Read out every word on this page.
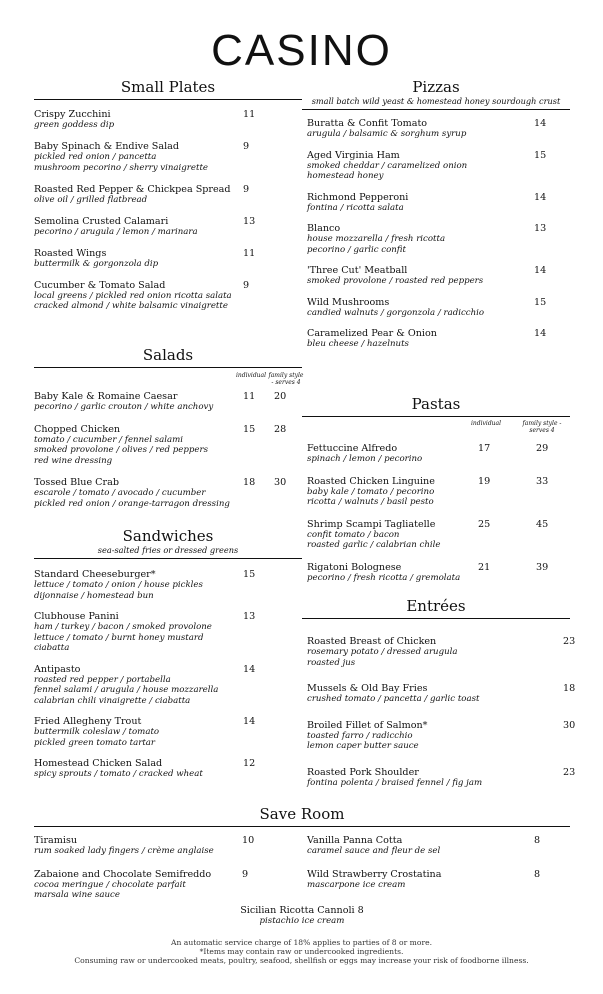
CASINO
Small Plates
Crispy Zucchini
green goddess dip
11
Baby Spinach & Endive Salad
pickled red onion / pancetta
mushroom pecorino / sherry vinaigrette
9
Roasted Red Pepper & Chickpea Spread
olive oil / grilled flatbread
9
Semolina Crusted Calamari
pecorino / arugula / lemon / marinara
13
Roasted Wings
buttermilk & gorgonzola dip
11
Cucumber & Tomato Salad
local greens / pickled red onion ricotta salata
cracked almond / white balsamic vinaigrette
9
Salads
individual family style - serves 4
Baby Kale & Romaine Caesar
pecorino / garlic crouton / white anchovy
11 20
Chopped Chicken
tomato / cucumber / fennel salami
smoked provolone / olives / red peppers
red wine dressing
15 28
Tossed Blue Crab
escarole / tomato / avocado / cucumber
pickled red onion / orange-tarragon dressing
18 30
Sandwiches
sea-salted fries or dressed greens
Standard Cheeseburger*
lettuce / tomato / onion / house pickles
dijonnaise / homestead bun
15
Clubhouse Panini
ham / turkey / bacon / smoked provolone
lettuce / tomato / burnt honey mustard
ciabatta
13
Antipasto
roasted red pepper / portabella
fennel salami / arugula / house mozzarella
calabrian chili vinaigrette / ciabatta
14
Fried Allegheny Trout
buttermilk coleslaw / tomato
pickled green tomato tartar
14
Homestead Chicken Salad
spicy sprouts / tomato / cracked wheat
12
Pizzas
small batch wild yeast & homestead honey sourdough crust
Buratta & Confit Tomato
arugula / balsamic & sorghum syrup
14
Aged Virginia Ham
smoked cheddar / caramelized onion
homestead honey
15
Richmond Pepperoni
fontina / ricotta salata
14
Blanco
house mozzarella / fresh ricotta
pecorino / garlic confit
13
'Three Cut' Meatball
smoked provolone / roasted red peppers
14
Wild Mushrooms
candied walnuts / gorgonzola / radicchio
15
Caramelized Pear & Onion
bleu cheese / hazelnuts
14
Pastas
individual	family style - serves 4
Fettuccine Alfredo
spinach / lemon / pecorino
17	29
Roasted Chicken Linguine
baby kale / tomato / pecorino
ricotta / walnuts / basil pesto
19	33
Shrimp Scampi Tagliatelle
confit tomato / bacon
roasted garlic / calabrian chile
25	45
Rigatoni Bolognese
pecorino / fresh ricotta / gremolata
21	39
Entrées
Roasted Breast of Chicken
rosemary potato / dressed arugula
roasted jus
23
Mussels & Old Bay Fries
crushed tomato / pancetta / garlic toast
18
Broiled Fillet of Salmon*
toasted farro / radicchio
lemon caper butter sauce
30
Roasted Pork Shoulder
fontina polenta / braised fennel / fig jam
23
Save Room
Tiramisu
rum soaked lady fingers / crème anglaise
10
Zabaione and Chocolate Semifreddo
cocoa meringue / chocolate parfait
marsala wine sauce
9
Vanilla Panna Cotta
caramel sauce and fleur de sel
8
Wild Strawberry Crostatina
mascarpone ice cream
8
Sicilian Ricotta Cannoli 8
pistachio ice cream
An automatic service charge of 18% applies to parties of 8 or more.
*Items may contain raw or undercooked ingredients.
Consuming raw or undercooked meats, poultry, seafood, shellfish or eggs may increase your risk of foodborne illness.
